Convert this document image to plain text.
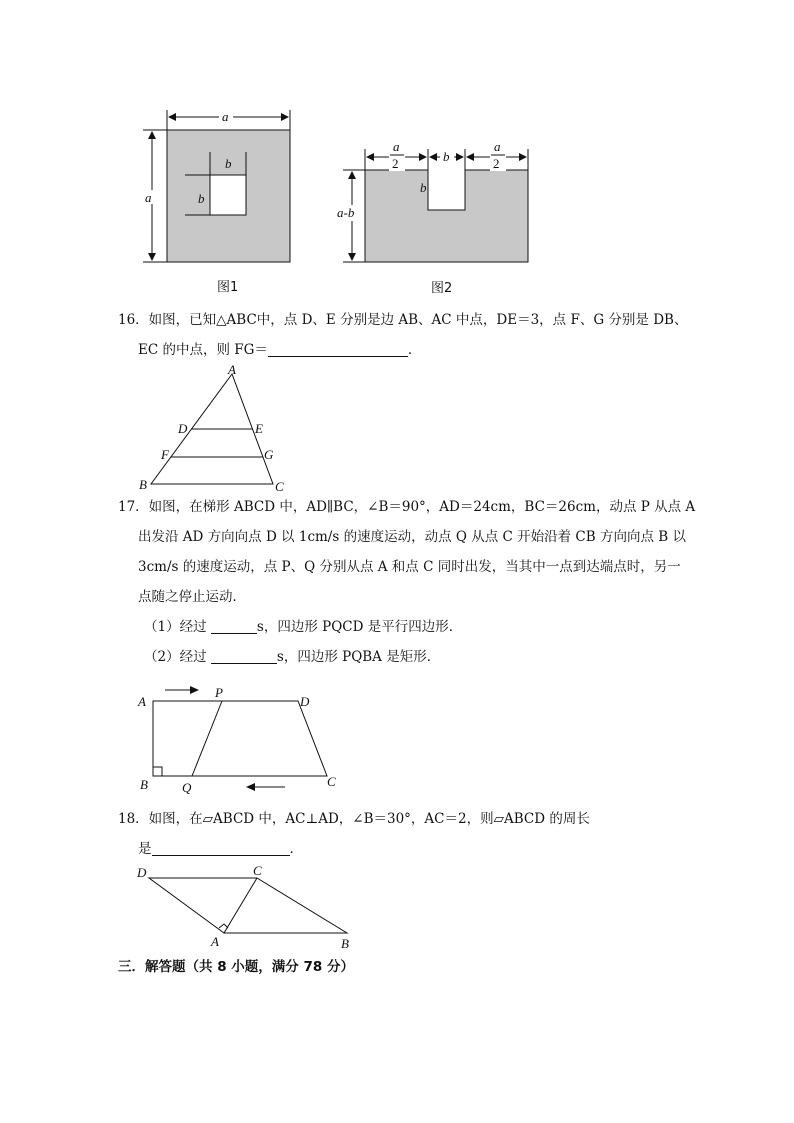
a
a
b
b
图1
a
2	b
a
2
b
a-b
图2
16．如图，已知△ABC中，点 D、E 分别是边 AB、AC 中点，DE＝3，点 F、G 分别是 DB、
EC 的中点，则 FG＝	．
A
D	E
F	G
B	C
17．如图，在梯形 ABCD 中，AD∥BC，∠B＝90°，AD＝24cm，BC＝26cm，动点 P 从点 A
出发沿 AD 方向向点 D 以 1cm/s 的速度运动，动点 Q 从点 C 开始沿着 CB 方向向点 B 以
3cm/s 的速度运动，点 P、Q 分别从点 A 和点 C 同时出发，当其中一点到达端点时，另一
点随之停止运动．
（1）经过	s，四边形 PQCD 是平行四边形．
（2）经过	s，四边形 PQBA 是矩形．
A
P
D
B	Q	C
18．如图，在▱ABCD 中，AC⊥AD，∠B＝30°，AC＝2，则▱ABCD 的周长
是	．
D	C
A	B
三．解答题（共 8 小题，满分 78 分）
